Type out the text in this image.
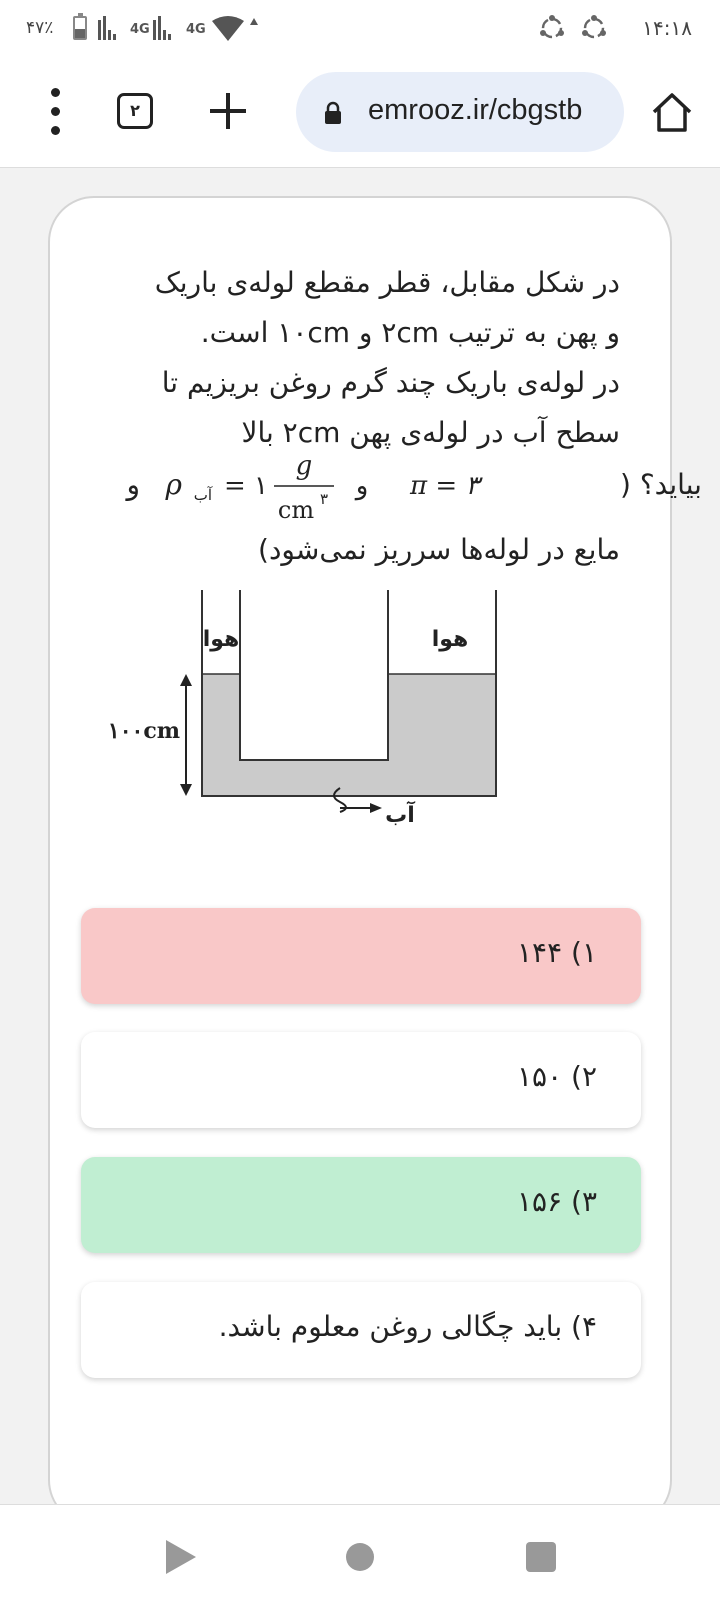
۴۷٪	4G	4G	۱۴:۱۸
۲	emrooz.ir/cbgstb
در شکل مقابل، قطر مقطع لوله‌ی باریک
و پهن به ترتیب ۲cm و ۱۰cm است.
در لوله‌ی باریک چند گرم روغن بریزیم تا
سطح آب در لوله‌ی پهن ۲cm بالا
بیاید؟ (
π = ۳
و
g
cm ۳
= ۱
آب
ρ
و
مایع در لوله‌ها سرریز نمی‌شود)
هوا	هوا
۱۰۰cm
آب
۱) ۱۴۴
۲) ۱۵۰
۳) ۱۵۶
۴) باید چگالی روغن معلوم باشد.
